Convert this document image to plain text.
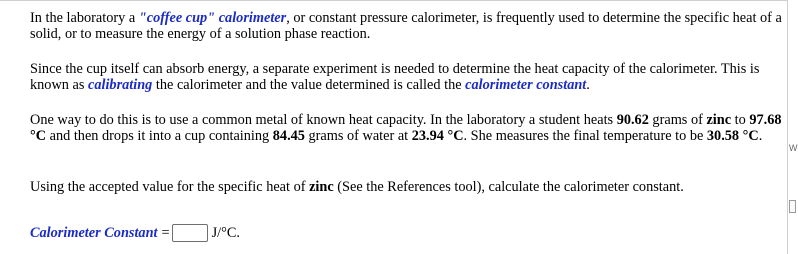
In the laboratory a "coffee cup" calorimeter, or constant pressure calorimeter, is frequently used to determine the specific heat of a solid, or to measure the energy of a solution phase reaction.

Since the cup itself can absorb energy, a separate experiment is needed to determine the heat capacity of the calorimeter. This is known as calibrating the calorimeter and the value determined is called the calorimeter constant.

One way to do this is to use a common metal of known heat capacity. In the laboratory a student heats 90.62 grams of zinc to 97.68 °C and then drops it into a cup containing 84.45 grams of water at 23.94 °C. She measures the final temperature to be 30.58 °C.

Using the accepted value for the specific heat of zinc (See the References tool), calculate the calorimeter constant.

Calorimeter Constant =	J/°C.
W
